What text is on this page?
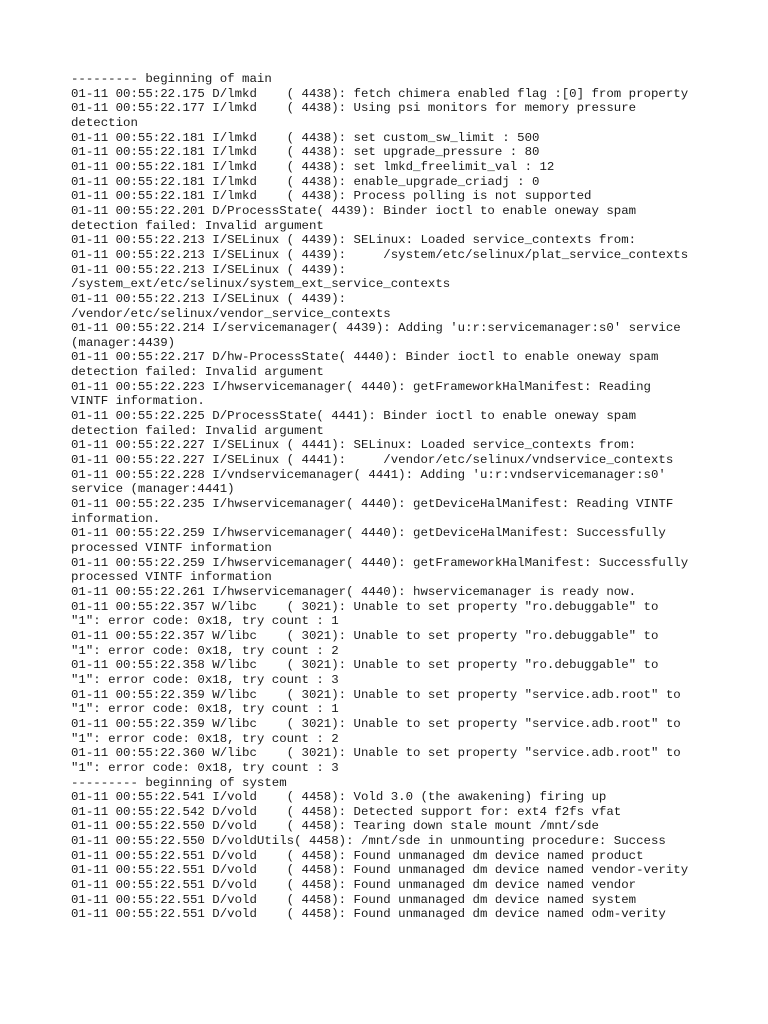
--------- beginning of main
01-11 00:55:22.175 D/lmkd    ( 4438): fetch chimera enabled flag :[0] from property
01-11 00:55:22.177 I/lmkd    ( 4438): Using psi monitors for memory pressure
detection
01-11 00:55:22.181 I/lmkd    ( 4438): set custom_sw_limit : 500
01-11 00:55:22.181 I/lmkd    ( 4438): set upgrade_pressure : 80
01-11 00:55:22.181 I/lmkd    ( 4438): set lmkd_freelimit_val : 12
01-11 00:55:22.181 I/lmkd    ( 4438): enable_upgrade_criadj : 0
01-11 00:55:22.181 I/lmkd    ( 4438): Process polling is not supported
01-11 00:55:22.201 D/ProcessState( 4439): Binder ioctl to enable oneway spam
detection failed: Invalid argument
01-11 00:55:22.213 I/SELinux ( 4439): SELinux: Loaded service_contexts from:
01-11 00:55:22.213 I/SELinux ( 4439):     /system/etc/selinux/plat_service_contexts
01-11 00:55:22.213 I/SELinux ( 4439):
/system_ext/etc/selinux/system_ext_service_contexts
01-11 00:55:22.213 I/SELinux ( 4439):
/vendor/etc/selinux/vendor_service_contexts
01-11 00:55:22.214 I/servicemanager( 4439): Adding 'u:r:servicemanager:s0' service
(manager:4439)
01-11 00:55:22.217 D/hw-ProcessState( 4440): Binder ioctl to enable oneway spam
detection failed: Invalid argument
01-11 00:55:22.223 I/hwservicemanager( 4440): getFrameworkHalManifest: Reading
VINTF information.
01-11 00:55:22.225 D/ProcessState( 4441): Binder ioctl to enable oneway spam
detection failed: Invalid argument
01-11 00:55:22.227 I/SELinux ( 4441): SELinux: Loaded service_contexts from:
01-11 00:55:22.227 I/SELinux ( 4441):     /vendor/etc/selinux/vndservice_contexts
01-11 00:55:22.228 I/vndservicemanager( 4441): Adding 'u:r:vndservicemanager:s0'
service (manager:4441)
01-11 00:55:22.235 I/hwservicemanager( 4440): getDeviceHalManifest: Reading VINTF
information.
01-11 00:55:22.259 I/hwservicemanager( 4440): getDeviceHalManifest: Successfully
processed VINTF information
01-11 00:55:22.259 I/hwservicemanager( 4440): getFrameworkHalManifest: Successfully
processed VINTF information
01-11 00:55:22.261 I/hwservicemanager( 4440): hwservicemanager is ready now.
01-11 00:55:22.357 W/libc    ( 3021): Unable to set property "ro.debuggable" to
"1": error code: 0x18, try count : 1
01-11 00:55:22.357 W/libc    ( 3021): Unable to set property "ro.debuggable" to
"1": error code: 0x18, try count : 2
01-11 00:55:22.358 W/libc    ( 3021): Unable to set property "ro.debuggable" to
"1": error code: 0x18, try count : 3
01-11 00:55:22.359 W/libc    ( 3021): Unable to set property "service.adb.root" to
"1": error code: 0x18, try count : 1
01-11 00:55:22.359 W/libc    ( 3021): Unable to set property "service.adb.root" to
"1": error code: 0x18, try count : 2
01-11 00:55:22.360 W/libc    ( 3021): Unable to set property "service.adb.root" to
"1": error code: 0x18, try count : 3
--------- beginning of system
01-11 00:55:22.541 I/vold    ( 4458): Vold 3.0 (the awakening) firing up
01-11 00:55:22.542 D/vold    ( 4458): Detected support for: ext4 f2fs vfat
01-11 00:55:22.550 D/vold    ( 4458): Tearing down stale mount /mnt/sde
01-11 00:55:22.550 D/voldUtils( 4458): /mnt/sde in unmounting procedure: Success
01-11 00:55:22.551 D/vold    ( 4458): Found unmanaged dm device named product
01-11 00:55:22.551 D/vold    ( 4458): Found unmanaged dm device named vendor-verity
01-11 00:55:22.551 D/vold    ( 4458): Found unmanaged dm device named vendor
01-11 00:55:22.551 D/vold    ( 4458): Found unmanaged dm device named system
01-11 00:55:22.551 D/vold    ( 4458): Found unmanaged dm device named odm-verity
